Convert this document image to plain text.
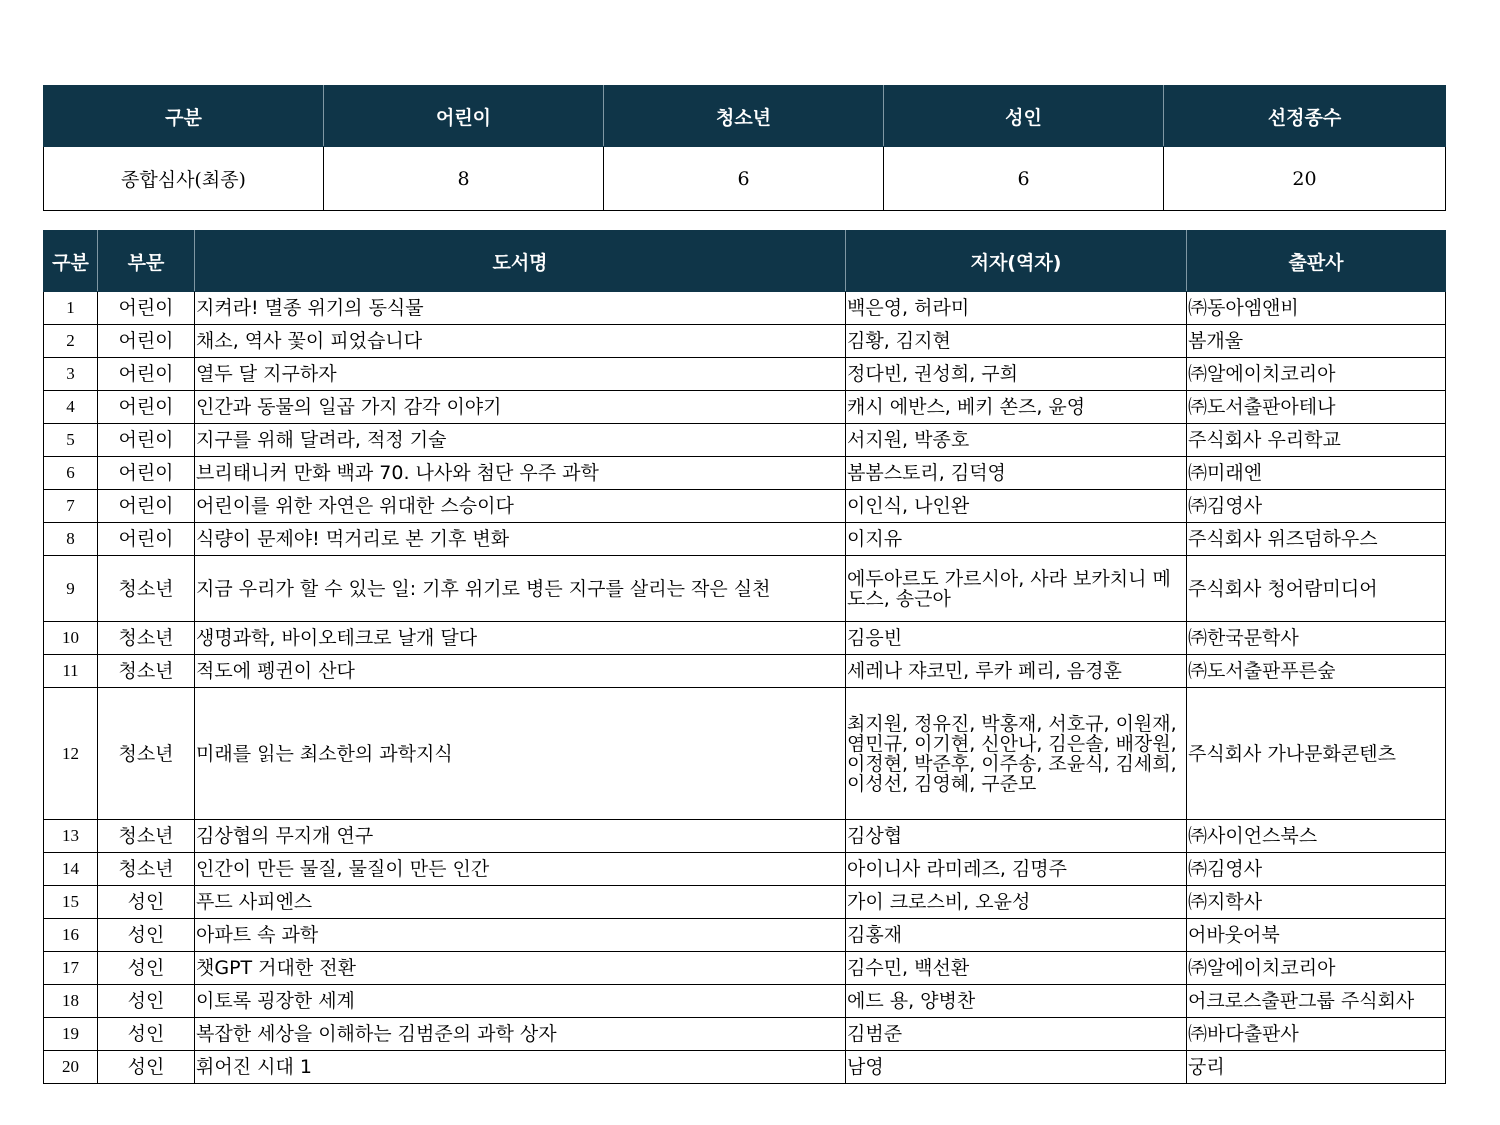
구분	어린이	청소년	성인	선정종수
종합심사(최종)	8	6	6	20
구분	부문	도서명	저자(역자)	출판사
1	어린이	지켜라! 멸종 위기의 동식물	백은영, 허라미	㈜동아엠앤비
2	어린이	채소, 역사 꽃이 피었습니다	김황, 김지현	봄개울
3	어린이	열두 달 지구하자	정다빈, 권성희, 구희	㈜알에이치코리아
4	어린이	인간과 동물의 일곱 가지 감각 이야기	캐시 에반스, 베키 쏜즈, 윤영	㈜도서출판아테나
5	어린이	지구를 위해 달려라, 적정 기술	서지원, 박종호	주식회사 우리학교
6	어린이	브리태니커 만화 백과 70. 나사와 첨단 우주 과학	봄봄스토리, 김덕영	㈜미래엔
7	어린이	어린이를 위한 자연은 위대한 스승이다	이인식, 나인완	㈜김영사
8	어린이	식량이 문제야! 먹거리로 본 기후 변화	이지유	주식회사 위즈덤하우스
9	청소년	지금 우리가 할 수 있는 일: 기후 위기로 병든 지구를 살리는 작은 실천	에두아르도 가르시아, 사라 보카치니 메도스, 송근아	주식회사 청어람미디어
10	청소년	생명과학, 바이오테크로 날개 달다	김응빈	㈜한국문학사
11	청소년	적도에 펭귄이 산다	세레나 쟈코민, 루카 페리, 음경훈	㈜도서출판푸른숲
12	청소년	미래를 읽는 최소한의 과학지식	최지원, 정유진, 박홍재, 서호규, 이원재, 염민규, 이기현, 신안나, 김은솔, 배장원, 이정현, 박준후, 이주송, 조윤식, 김세희, 이성선, 김영혜, 구준모	주식회사 가나문화콘텐츠
13	청소년	김상협의 무지개 연구	김상협	㈜사이언스북스
14	청소년	인간이 만든 물질, 물질이 만든 인간	아이니사 라미레즈, 김명주	㈜김영사
15	성인	푸드 사피엔스	가이 크로스비, 오윤성	㈜지학사
16	성인	아파트 속 과학	김홍재	어바웃어북
17	성인	챗GPT 거대한 전환	김수민, 백선환	㈜알에이치코리아
18	성인	이토록 굉장한 세계	에드 용, 양병찬	어크로스출판그룹 주식회사
19	성인	복잡한 세상을 이해하는 김범준의 과학 상자	김범준	㈜바다출판사
20	성인	휘어진 시대 1	남영	궁리
